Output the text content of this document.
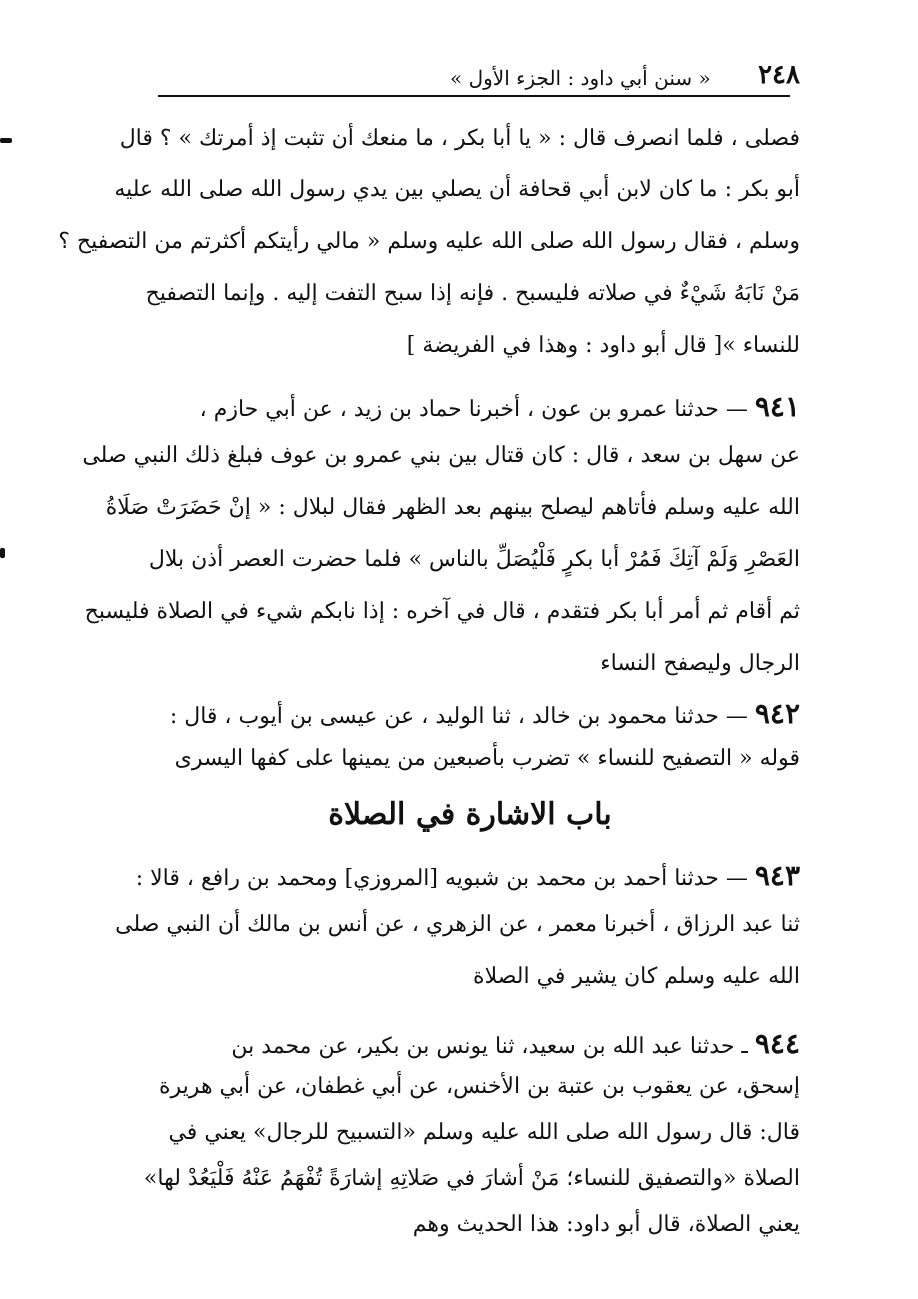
٢٤٨
« سنن أبي داود : الجزء الأول »

فصلى ، فلما انصرف قال : « يا أبا بكر ، ما منعك أن تثبت إذ أمرتك » ؟ قال

أبو بكر : ما كان لابن أبي قحافة أن يصلي بين يدي رسول الله صلى الله عليه

وسلم ، فقال رسول الله صلى الله عليه وسلم « مالي رأيتكم أكثرتم من التصفيح ؟

مَنْ نَابَهُ شَيْءٌ في صلاته فليسبح . فإنه إذا سبح التفت إليه . وإنما التصفيح

للنساء »[ قال أبو داود : وهذا في الفريضة ]

٩٤١ — حدثنا عمرو بن عون ، أخبرنا حماد بن زيد ، عن أبي حازم ،

عن سهل بن سعد ، قال : كان قتال بين بني عمرو بن عوف فبلغ ذلك النبي صلى

الله عليه وسلم فأتاهم ليصلح بينهم بعد الظهر فقال لبلال : « إنْ حَضَرَتْ صَلَاةُ

العَصْرِ وَلَمْ آتِكَ فَمُرْ أبا بكرٍ فَلْيُصَلِّ بالناس » فلما حضرت العصر أذن بلال

ثم أقام ثم أمر أبا بكر فتقدم ، قال في آخره : إذا نابكم شيء في الصلاة فليسبح

الرجال وليصفح النساء

٩٤٢ — حدثنا محمود بن خالد ، ثنا الوليد ، عن عيسى بن أيوب ، قال :

قوله « التصفيح للنساء » تضرب بأصبعين من يمينها على كفها اليسرى

باب الاشارة في الصلاة

٩٤٣ — حدثنا أحمد بن محمد بن شبويه [المروزي] ومحمد بن رافع ، قالا :

ثنا عبد الرزاق ، أخبرنا معمر ، عن الزهري ، عن أنس بن مالك أن النبي صلى

الله عليه وسلم كان يشير في الصلاة

٩٤٤ ـ حدثنا عبد الله بن سعيد، ثنا يونس بن بكير، عن محمد بن

إسحق، عن يعقوب بن عتبة بن الأخنس، عن أبي غطفان، عن أبي هريرة

قال: قال رسول الله صلى الله عليه وسلم «التسبيح للرجال» يعني في

الصلاة «والتصفيق للنساء؛ مَنْ أشارَ في صَلاتِهِ إشارَةً تُفْهَمُ عَنْهُ فَلْيَعُدْ لها»

يعني الصلاة، قال أبو داود: هذا الحديث وهم
